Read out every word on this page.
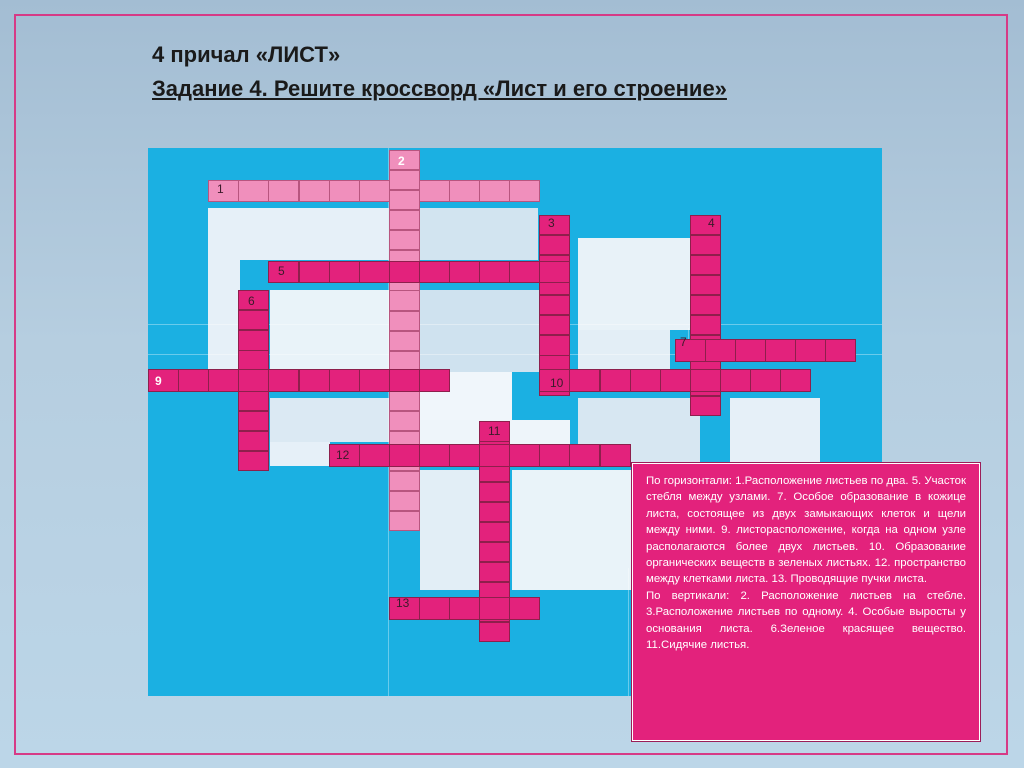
4 причал «ЛИСТ»
Задание 4. Решите кроссворд «Лист и его строение»
1
2
3	4
5
6
7
9	10
11
12
13

По горизонтали: 1.Расположение листьев по два. 5. Участок стебля между узлами. 7. Особое образование в кожице листа, состоящее из двух замыкающих клеток и щели между ними. 9. листорасположение, когда на одном узле располагаются более двух листьев. 10. Образование органических веществ в зеленых листьях. 12. пространство между клетками листа. 13. Проводящие пучки листа.

По вертикали: 2. Расположение листьев на стебле. 3.Расположение листьев по одному. 4. Особые выросты у основания листа. 6.Зеленое красящее вещество. 11.Сидячие листья.
